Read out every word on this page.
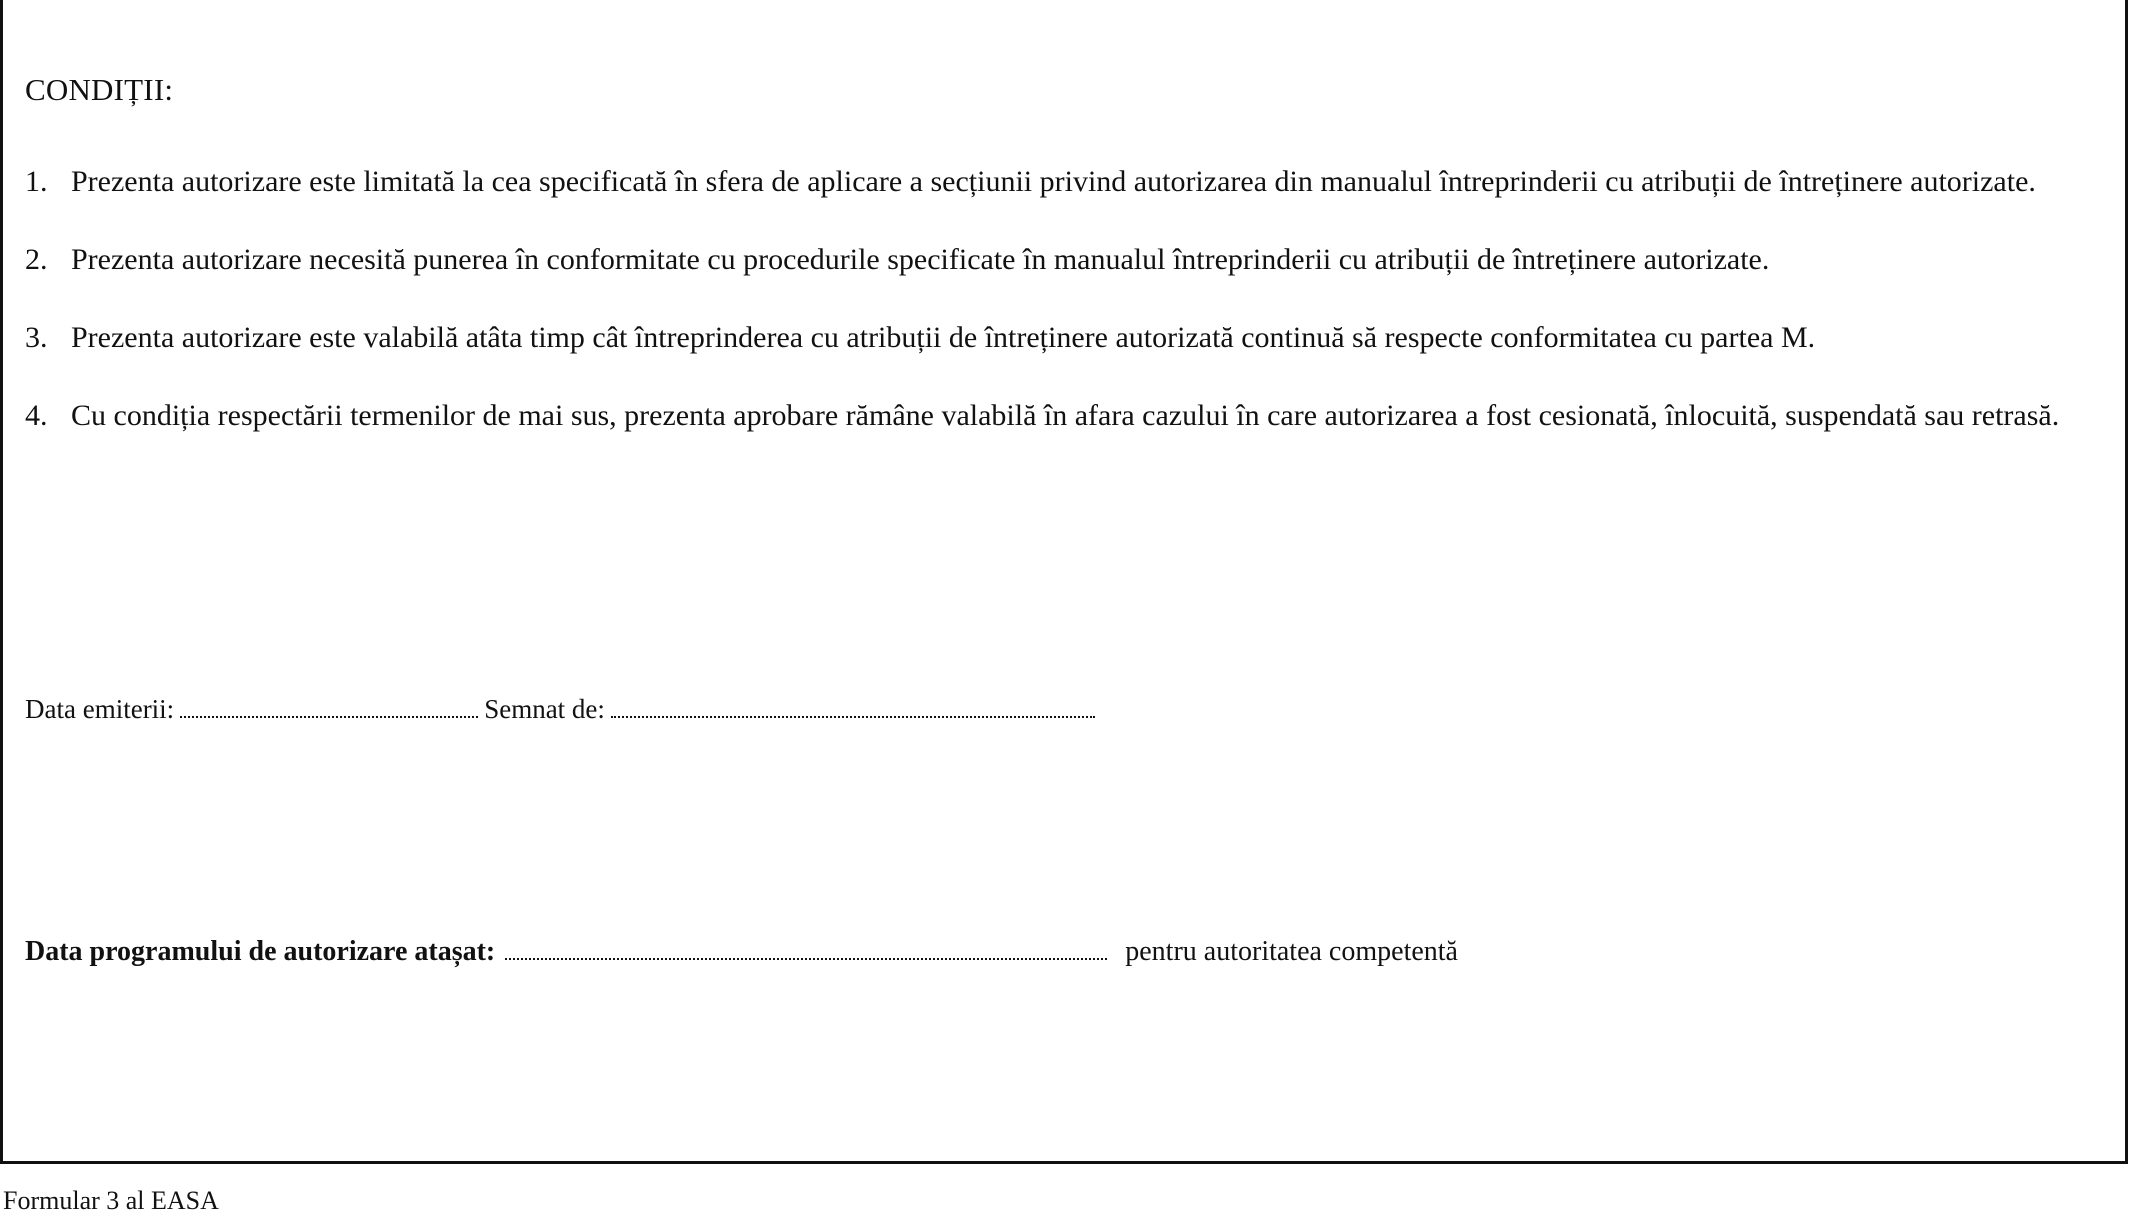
CONDIȚII:
1. Prezenta autorizare este limitată la cea specificată în sfera de aplicare a secțiunii privind autorizarea din manualul întreprinderii cu atribuții de întreținere autorizate.
2. Prezenta autorizare necesită punerea în conformitate cu procedurile specificate în manualul întreprinderii cu atribuții de întreținere autorizate.
3. Prezenta autorizare este valabilă atâta timp cât întreprinderea cu atribuții de întreținere autorizată continuă să respecte conformitatea cu partea M.
4. Cu condiția respectării termenilor de mai sus, prezenta aprobare rămâne valabilă în afara cazului în care autorizarea a fost cesionată, înlocuită, suspendată sau retrasă.
Data emiterii:	Semnat de:
Data programului de autorizare atașat:	pentru autoritatea competentă
Formular 3 al EASA
